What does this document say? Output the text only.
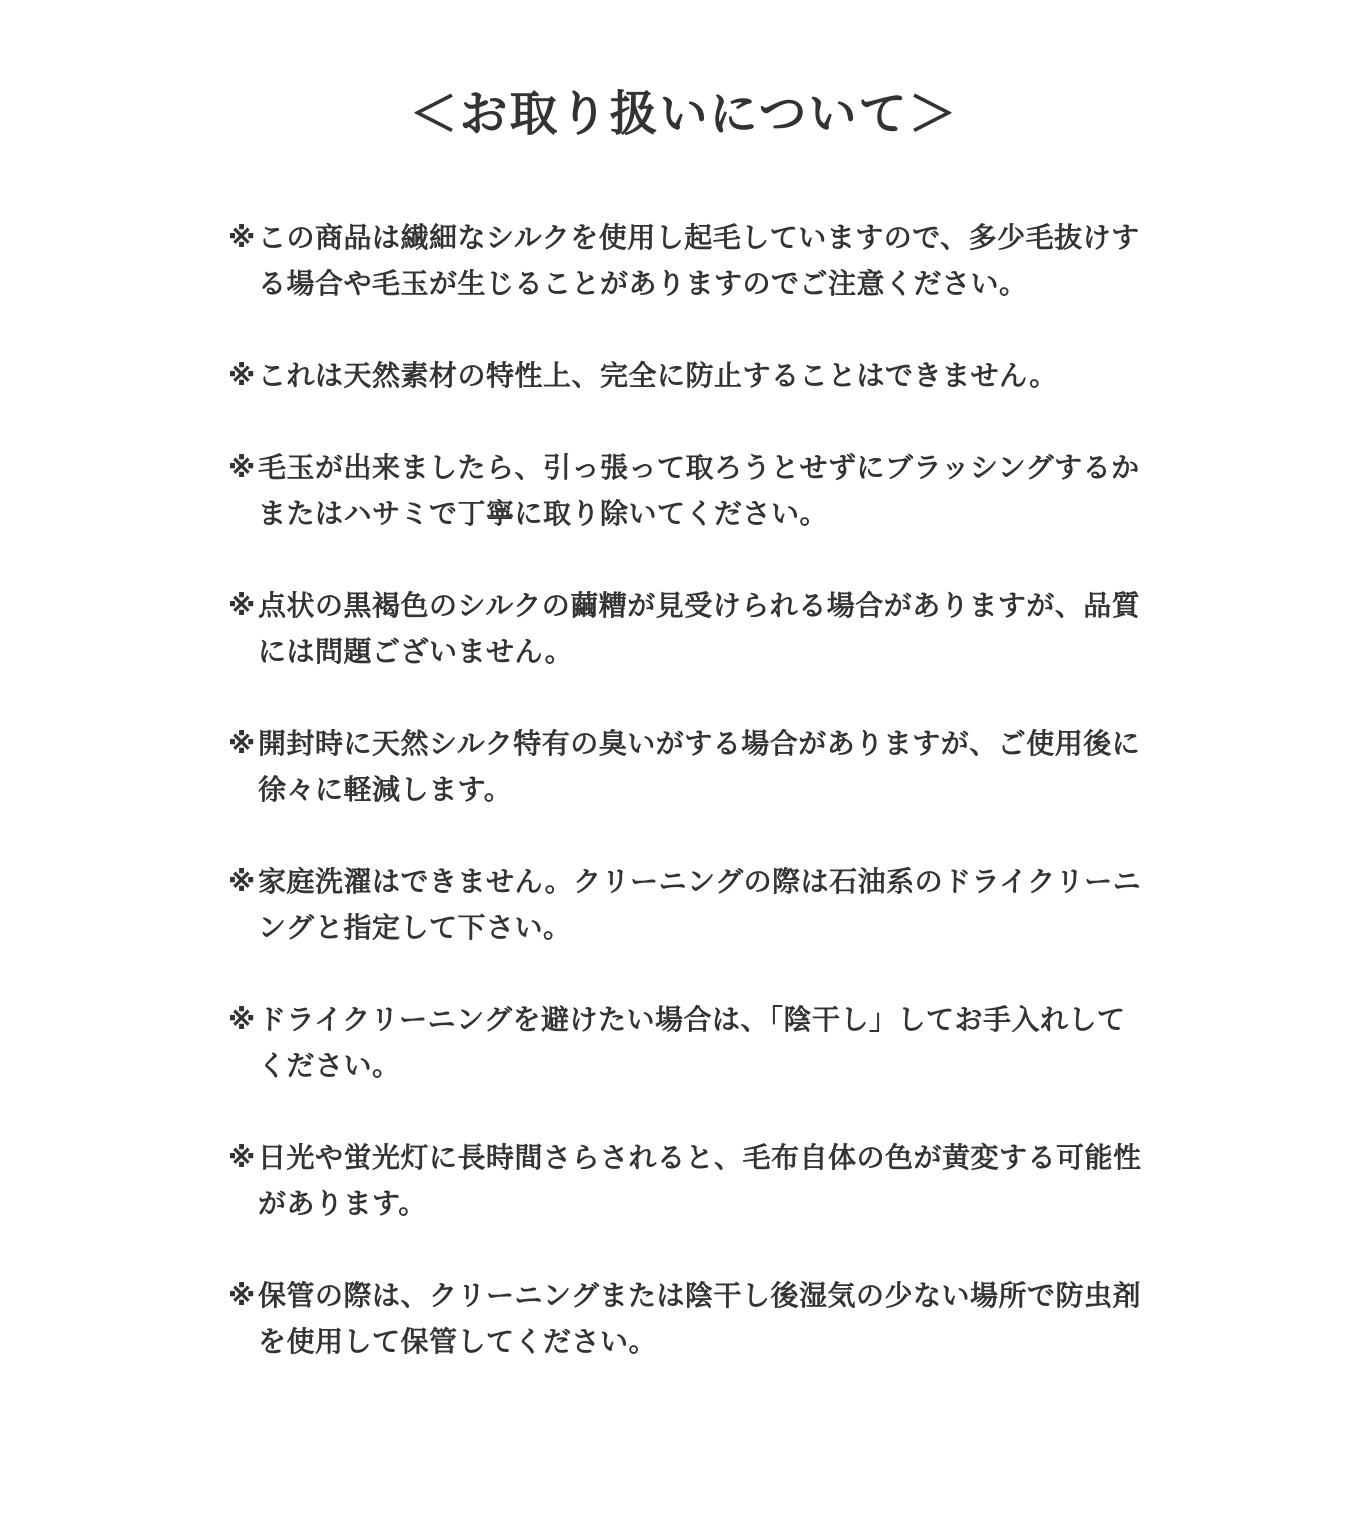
＜お取り扱いについて＞
※ この商品は繊細なシルクを使用し起毛していますので、多少毛抜けする場合や毛玉が生じることがありますのでご注意ください。
※ これは天然素材の特性上、完全に防止することはできません。
※ 毛玉が出来ましたら、引っ張って取ろうとせずにブラッシングするかまたはハサミで丁寧に取り除いてください。
※ 点状の黒褐色のシルクの繭糟が見受けられる場合がありますが、品質には問題ございません。
※ 開封時に天然シルク特有の臭いがする場合がありますが、ご使用後に徐々に軽減します。
※ 家庭洗濯はできません。クリーニングの際は石油系のドライクリーニングと指定して下さい。
※ ドライクリーニングを避けたい場合は、「陰干し」してお手入れしてください。
※ 日光や蛍光灯に長時間さらされると、毛布自体の色が黄変する可能性があります。
※ 保管の際は、クリーニングまたは陰干し後湿気の少ない場所で防虫剤を使用して保管してください。
